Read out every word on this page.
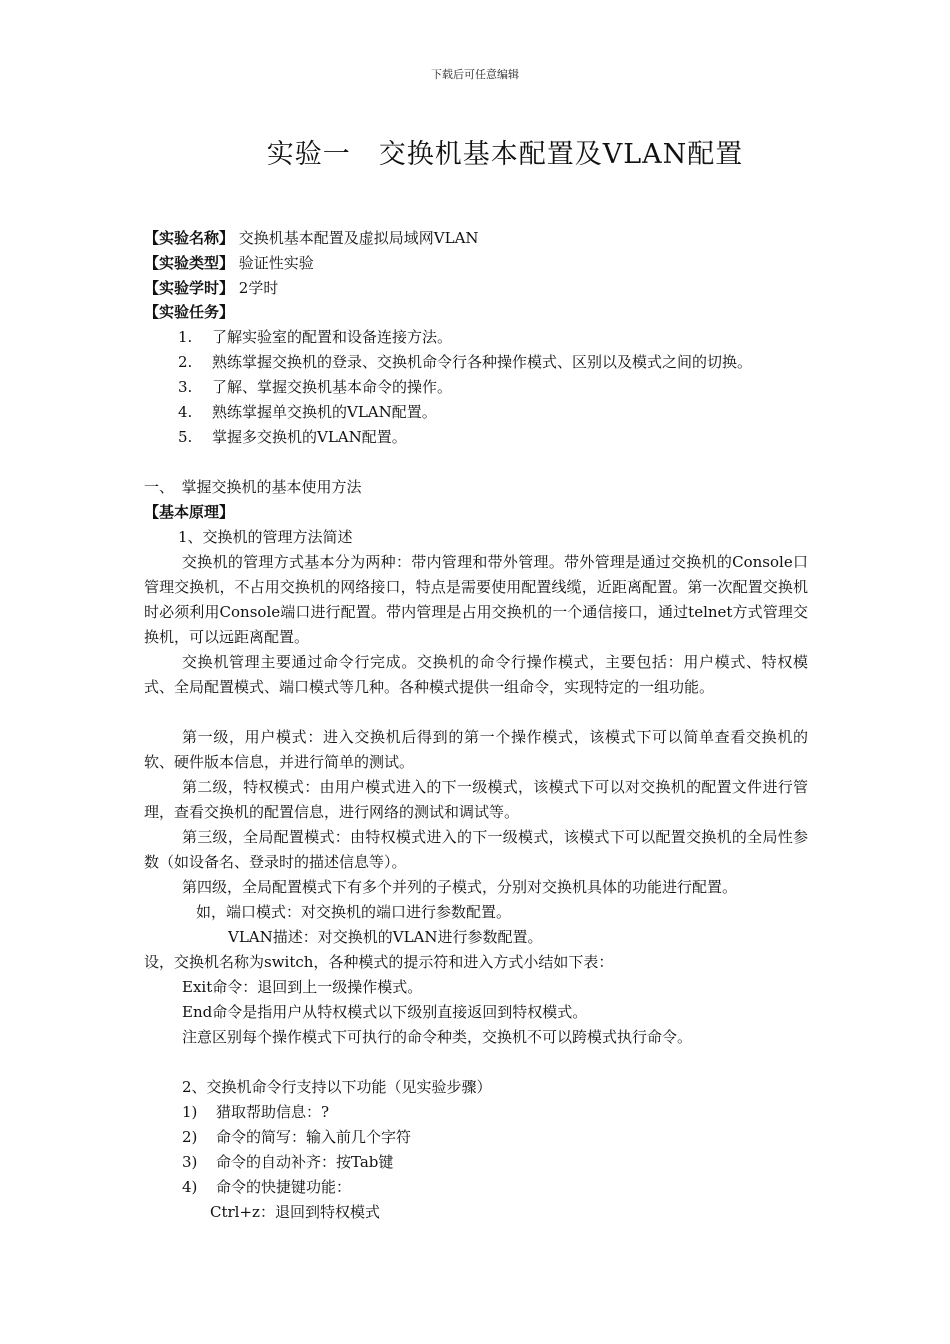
下载后可任意编辑
实验一　交换机基本配置及VLAN配置
【实验名称】 交换机基本配置及虚拟局域网VLAN
【实验类型】 验证性实验
【实验学时】 2学时
【实验任务】
1. 了解实验室的配置和设备连接方法。
2. 熟练掌握交换机的登录、交换机命令行各种操作模式、区别以及模式之间的切换。
3. 了解、掌握交换机基本命令的操作。
4. 熟练掌握单交换机的VLAN配置。
5. 掌握多交换机的VLAN配置。
一、　掌握交换机的基本使用方法
【基本原理】
1、交换机的管理方法简述

交换机的管理方式基本分为两种：带内管理和带外管理。带外管理是通过交换机的Console口管理交换机，不占用交换机的网络接口，特点是需要使用配置线缆，近距离配置。第一次配置交换机时必须利用Console端口进行配置。带内管理是占用交换机的一个通信接口，通过telnet方式管理交换机，可以远距离配置。

交换机管理主要通过命令行完成。交换机的命令行操作模式，主要包括：用户模式、特权模式、全局配置模式、端口模式等几种。各种模式提供一组命令，实现特定的一组功能。

第一级，用户模式：进入交换机后得到的第一个操作模式，该模式下可以简单查看交换机的软、硬件版本信息，并进行简单的测试。

第二级，特权模式：由用户模式进入的下一级模式，该模式下可以对交换机的配置文件进行管理，查看交换机的配置信息，进行网络的测试和调试等。

第三级，全局配置模式：由特权模式进入的下一级模式，该模式下可以配置交换机的全局性参数（如设备名、登录时的描述信息等）。

第四级，全局配置模式下有多个并列的子模式，分别对交换机具体的功能进行配置。

如，端口模式：对交换机的端口进行参数配置。
VLAN描述：对交换机的VLAN进行参数配置。
设，交换机名称为switch，各种模式的提示符和进入方式小结如下表：
Exit命令：退回到上一级操作模式。
End命令是指用户从特权模式以下级别直接返回到特权模式。
注意区别每个操作模式下可执行的命令种类，交换机不可以跨模式执行命令。
2、交换机命令行支持以下功能（见实验步骤）
1) 猎取帮助信息：?
2) 命令的简写：输入前几个字符
3) 命令的自动补齐：按Tab键
4) 命令的快捷键功能：
Ctrl+z：退回到特权模式
